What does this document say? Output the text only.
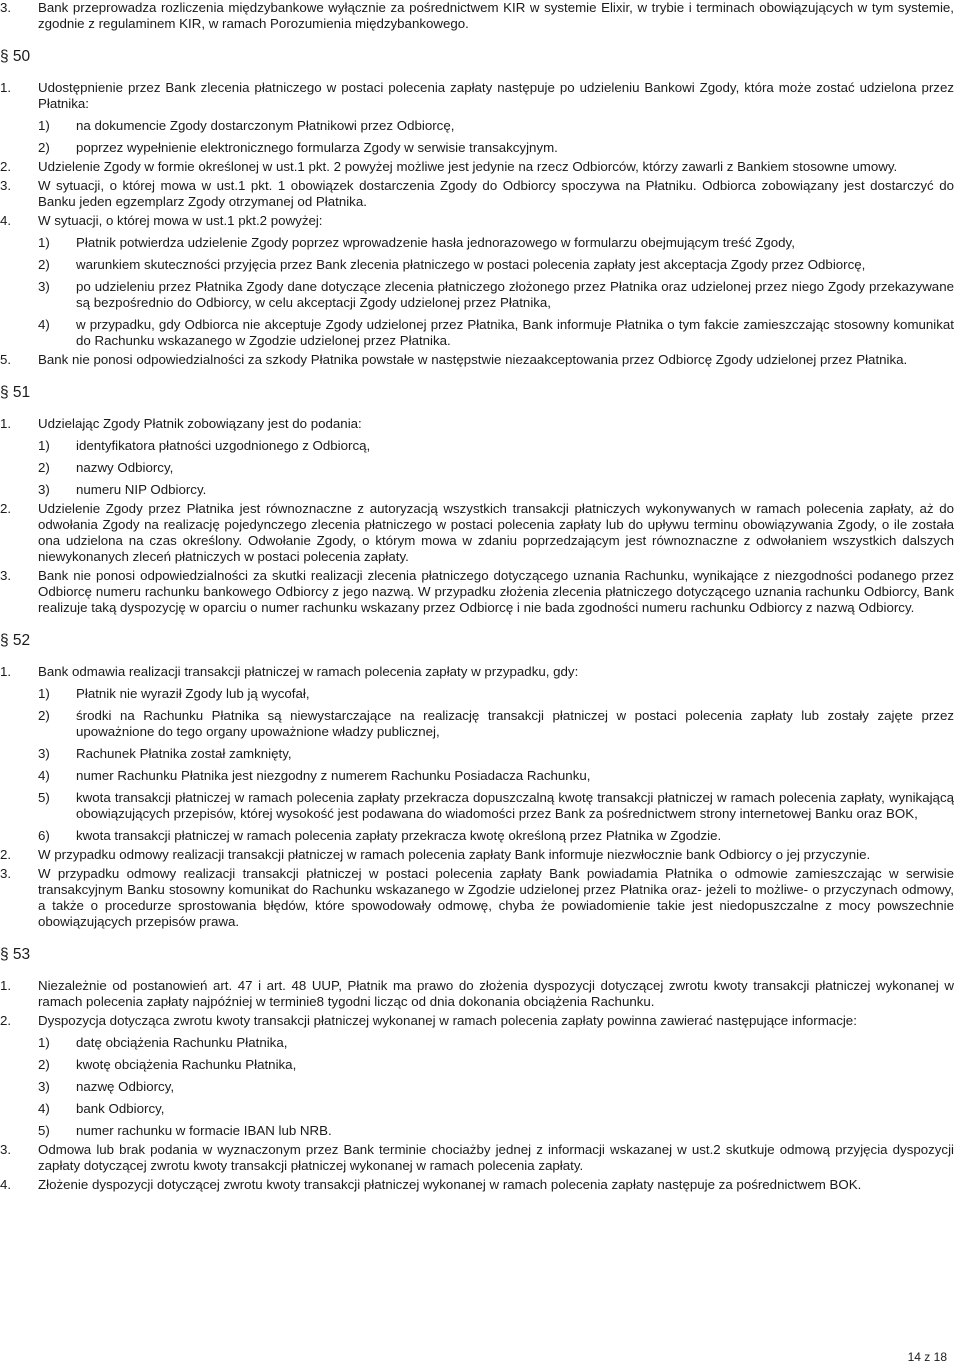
3. Bank przeprowadza rozliczenia międzybankowe wyłącznie za pośrednictwem KIR w systemie Elixir, w trybie i terminach obowiązujących w tym systemie, zgodnie z regulaminem KIR, w ramach Porozumienia międzybankowego.
§ 50
1. Udostępnienie przez Bank zlecenia płatniczego w postaci polecenia zapłaty następuje po udzieleniu Bankowi Zgody, która może zostać udzielona przez Płatnika:
1) na dokumencie Zgody dostarczonym Płatnikowi przez Odbiorcę,
2) poprzez wypełnienie elektronicznego formularza Zgody w serwisie transakcyjnym.
2. Udzielenie Zgody w formie określonej w ust.1 pkt. 2 powyżej możliwe jest jedynie na rzecz Odbiorców, którzy zawarli z Bankiem stosowne umowy.
3. W sytuacji, o której mowa w ust.1 pkt. 1 obowiązek dostarczenia Zgody do Odbiorcy spoczywa na Płatniku. Odbiorca zobowiązany jest dostarczyć do Banku jeden egzemplarz Zgody otrzymanej od Płatnika.
4. W sytuacji, o której mowa w ust.1 pkt.2 powyżej:
1) Płatnik potwierdza udzielenie Zgody poprzez wprowadzenie hasła jednorazowego w formularzu obejmującym treść Zgody,
2) warunkiem skuteczności przyjęcia przez Bank zlecenia płatniczego w postaci polecenia zapłaty jest akceptacja Zgody przez Odbiorcę,
3) po udzieleniu przez Płatnika Zgody dane dotyczące zlecenia płatniczego złożonego przez Płatnika oraz udzielonej przez niego Zgody przekazywane są bezpośrednio do Odbiorcy, w celu akceptacji Zgody udzielonej przez Płatnika,
4) w przypadku, gdy Odbiorca nie akceptuje Zgody udzielonej przez Płatnika, Bank informuje Płatnika o tym fakcie zamieszczając stosowny komunikat do Rachunku wskazanego w Zgodzie udzielonej przez Płatnika.
5. Bank nie ponosi odpowiedzialności za szkody Płatnika powstałe w następstwie niezaakceptowania przez Odbiorcę Zgody udzielonej przez Płatnika.
§ 51
1. Udzielając Zgody Płatnik zobowiązany jest do podania:
1) identyfikatora płatności uzgodnionego z Odbiorcą,
2) nazwy Odbiorcy,
3) numeru NIP Odbiorcy.
2. Udzielenie Zgody przez Płatnika jest równoznaczne z autoryzacją wszystkich transakcji płatniczych wykonywanych w ramach polecenia zapłaty, aż do odwołania Zgody na realizację pojedynczego zlecenia płatniczego w postaci polecenia zapłaty lub do upływu terminu obowiązywania Zgody, o ile została ona udzielona na czas określony. Odwołanie Zgody, o którym mowa w zdaniu poprzedzającym jest równoznaczne z odwołaniem wszystkich dalszych niewykonanych zleceń płatniczych w postaci polecenia zapłaty.
3. Bank nie ponosi odpowiedzialności za skutki realizacji zlecenia płatniczego dotyczącego uznania Rachunku, wynikające z niezgodności podanego przez Odbiorcę numeru rachunku bankowego Odbiorcy z jego nazwą. W przypadku złożenia zlecenia płatniczego dotyczącego uznania rachunku Odbiorcy, Bank realizuje taką dyspozycję w oparciu o numer rachunku wskazany przez Odbiorcę i nie bada zgodności numeru rachunku Odbiorcy z nazwą Odbiorcy.
§ 52
1. Bank odmawia realizacji transakcji płatniczej w ramach polecenia zapłaty w przypadku, gdy:
1) Płatnik nie wyraził Zgody lub ją wycofał,
2) środki na Rachunku Płatnika są niewystarczające na realizację transakcji płatniczej w postaci polecenia zapłaty lub zostały zajęte przez upoważnione do tego organy upoważnione władzy publicznej,
3) Rachunek Płatnika został zamknięty,
4) numer Rachunku Płatnika jest niezgodny z numerem Rachunku Posiadacza Rachunku,
5) kwota transakcji płatniczej w ramach polecenia zapłaty przekracza dopuszczalną kwotę transakcji płatniczej w ramach polecenia zapłaty, wynikającą obowiązujących przepisów, której wysokość jest podawana do wiadomości przez Bank za pośrednictwem strony internetowej Banku oraz BOK,
6) kwota transakcji płatniczej w ramach polecenia zapłaty przekracza kwotę określoną przez Płatnika w Zgodzie.
2. W przypadku odmowy realizacji transakcji płatniczej w ramach polecenia zapłaty Bank informuje niezwłocznie bank Odbiorcy o jej przyczynie.
3. W przypadku odmowy realizacji transakcji płatniczej w postaci polecenia zapłaty Bank powiadamia Płatnika o odmowie zamieszczając w serwisie transakcyjnym Banku stosowny komunikat do Rachunku wskazanego w Zgodzie udzielonej przez Płatnika oraz- jeżeli to możliwe- o przyczynach odmowy, a także o procedurze sprostowania błędów, które spowodowały odmowę, chyba że powiadomienie takie jest niedopuszczalne z mocy powszechnie obowiązujących przepisów prawa.
§ 53
1. Niezależnie od postanowień art. 47 i art. 48 UUP, Płatnik ma prawo do złożenia dyspozycji dotyczącej zwrotu kwoty transakcji płatniczej wykonanej w ramach polecenia zapłaty najpóźniej w terminie8 tygodni licząc od dnia dokonania obciążenia Rachunku.
2. Dyspozycja dotycząca zwrotu kwoty transakcji płatniczej wykonanej w ramach polecenia zapłaty powinna zawierać następujące informacje:
1) datę obciążenia Rachunku Płatnika,
2) kwotę obciążenia Rachunku Płatnika,
3) nazwę Odbiorcy,
4) bank Odbiorcy,
5) numer rachunku w formacie IBAN lub NRB.
3. Odmowa lub brak podania w wyznaczonym przez Bank terminie chociażby jednej z informacji wskazanej w ust.2 skutkuje odmową przyjęcia dyspozycji zapłaty dotyczącej zwrotu kwoty transakcji płatniczej wykonanej w ramach polecenia zapłaty.
4. Złożenie dyspozycji dotyczącej zwrotu kwoty transakcji płatniczej wykonanej w ramach polecenia zapłaty następuje za pośrednictwem BOK.
14 z 18
